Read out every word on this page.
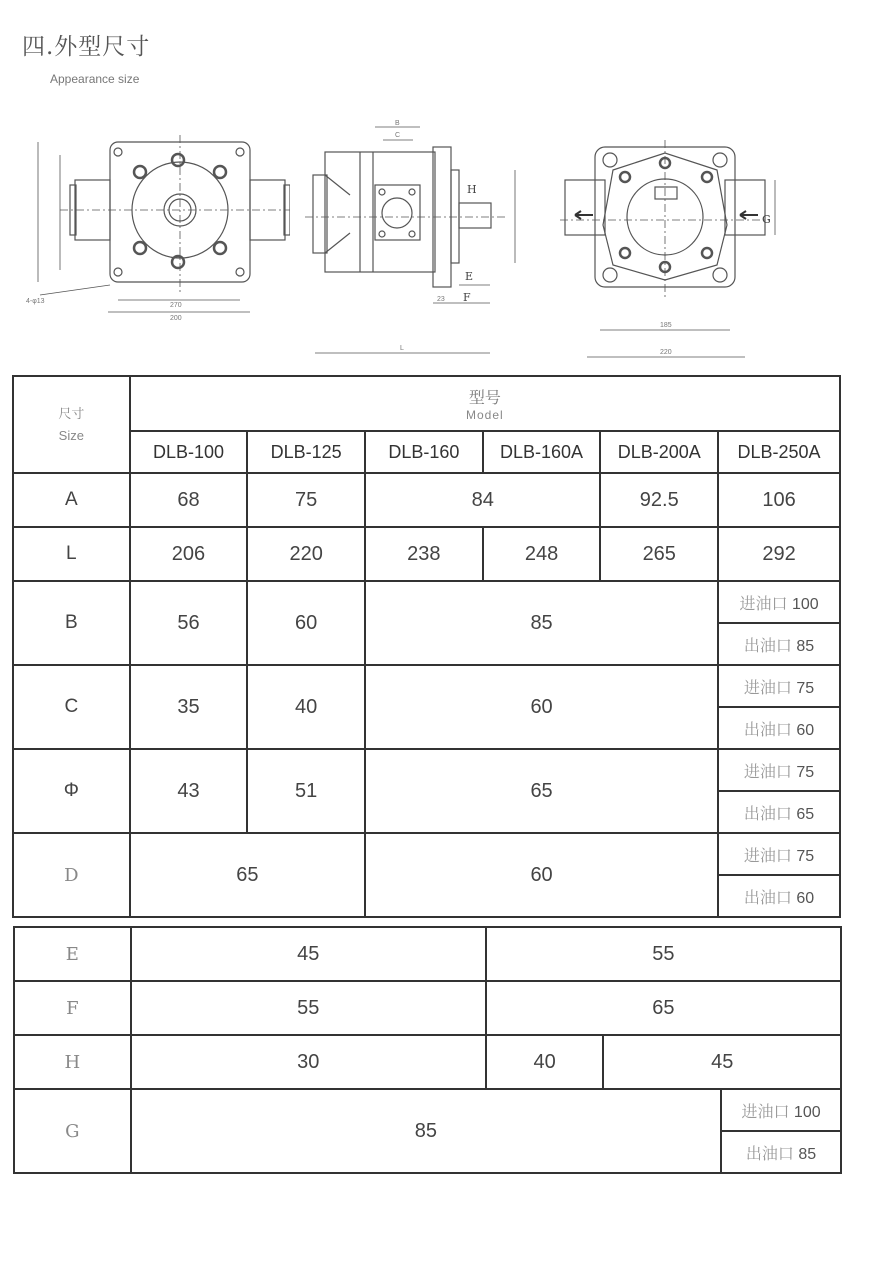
四.外型尺寸
Appearance size
270
200
4-φ13
H
E
F
23
L
B
C
185
220
G
尺寸
Size

型号
Model

	DLB-100	DLB-125	DLB-160	DLB-160A	DLB-200A	DLB-250A
A	68	75	84		92.5	106
L	206	220	238	248	265	292
B	56	60	85			进油口 100
						出油口 85
C	35	40	60			进油口 75
						出油口 60
Φ	43	51	65			进油口 75
						出油口 65
D	65		60			进油口 75
						出油口 60
E	45	55		
F	55	65		
H	30	40	45	
G	85			进油口 100
				出油口 85
